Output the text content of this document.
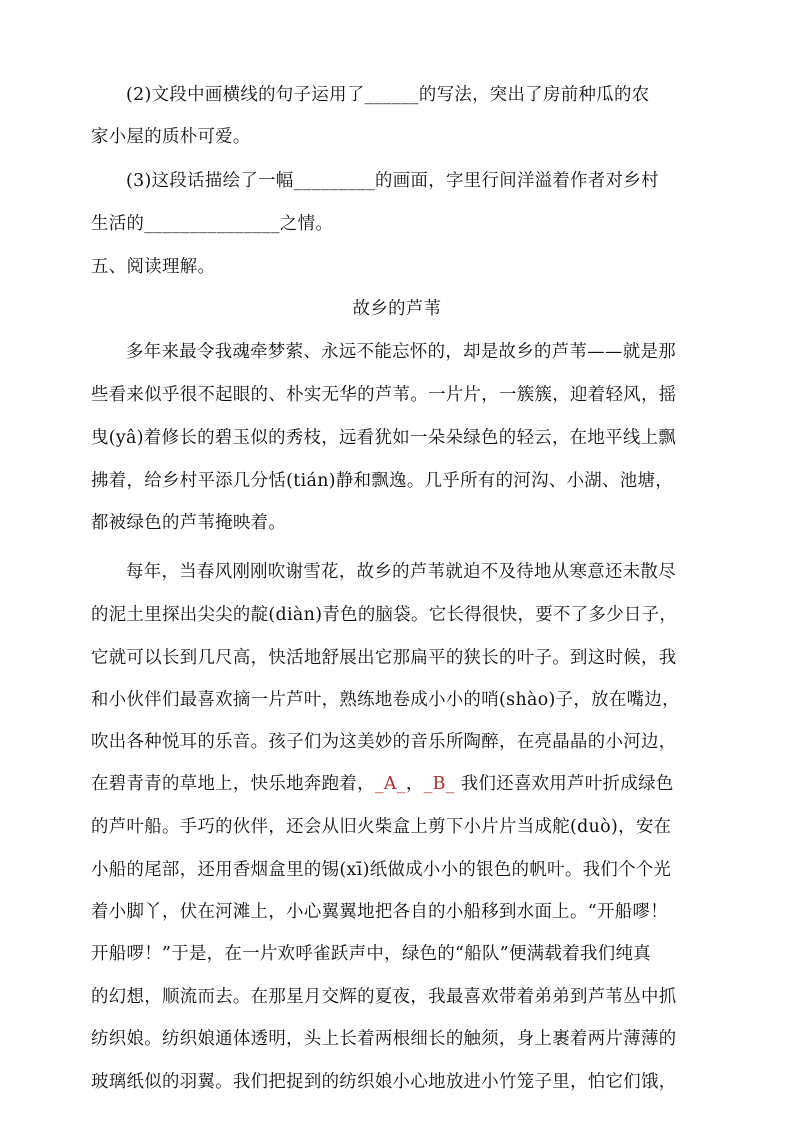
(2)文段中画横线的句子运用了______的写法，突出了房前种瓜的农
家小屋的质朴可爱。
(3)这段话描绘了一幅_________的画面，字里行间洋溢着作者对乡村
生活的_______________之情。
五、阅读理解。
故乡的芦苇
多年来最令我魂牵梦萦、永远不能忘怀的，却是故乡的芦苇——就是那
些看来似乎很不起眼的、朴实无华的芦苇。一片片，一簇簇，迎着轻风，摇
曳(yâ)着修长的碧玉似的秀枝，远看犹如一朵朵绿色的轻云，在地平线上飘
拂着，给乡村平添几分恬(tián)静和飘逸。几乎所有的河沟、小湖、池塘，
都被绿色的芦苇掩映着。
每年，当春风刚刚吹谢雪花，故乡的芦苇就迫不及待地从寒意还未散尽
的泥土里探出尖尖的靛(diàn)青色的脑袋。它长得很快，要不了多少日子，
它就可以长到几尺高，快活地舒展出它那扁平的狭长的叶子。到这时候，我
和小伙伴们最喜欢摘一片芦叶，熟练地卷成小小的哨(shào)子，放在嘴边，
吹出各种悦耳的乐音。孩子们为这美妙的音乐所陶醉，在亮晶晶的小河边，
在碧青青的草地上，快乐地奔跑着，_A_，_B_ 我们还喜欢用芦叶折成绿色
的芦叶船。手巧的伙伴，还会从旧火柴盒上剪下小片片当成舵(duò)，安在
小船的尾部，还用香烟盒里的锡(xī)纸做成小小的银色的帆叶。我们个个光
着小脚丫，伏在河滩上，小心翼翼地把各自的小船移到水面上。“开船嘐！
开船啰！”于是，在一片欢呼雀跃声中，绿色的“船队”便满载着我们纯真
的幻想，顺流而去。在那星月交辉的夏夜，我最喜欢带着弟弟到芦苇丛中抓
纺织娘。纺织娘通体透明，头上长着两根细长的触须，身上裹着两片薄薄的
玻璃纸似的羽翼。我们把捉到的纺织娘小心地放进小竹笼子里，怕它们饿，
